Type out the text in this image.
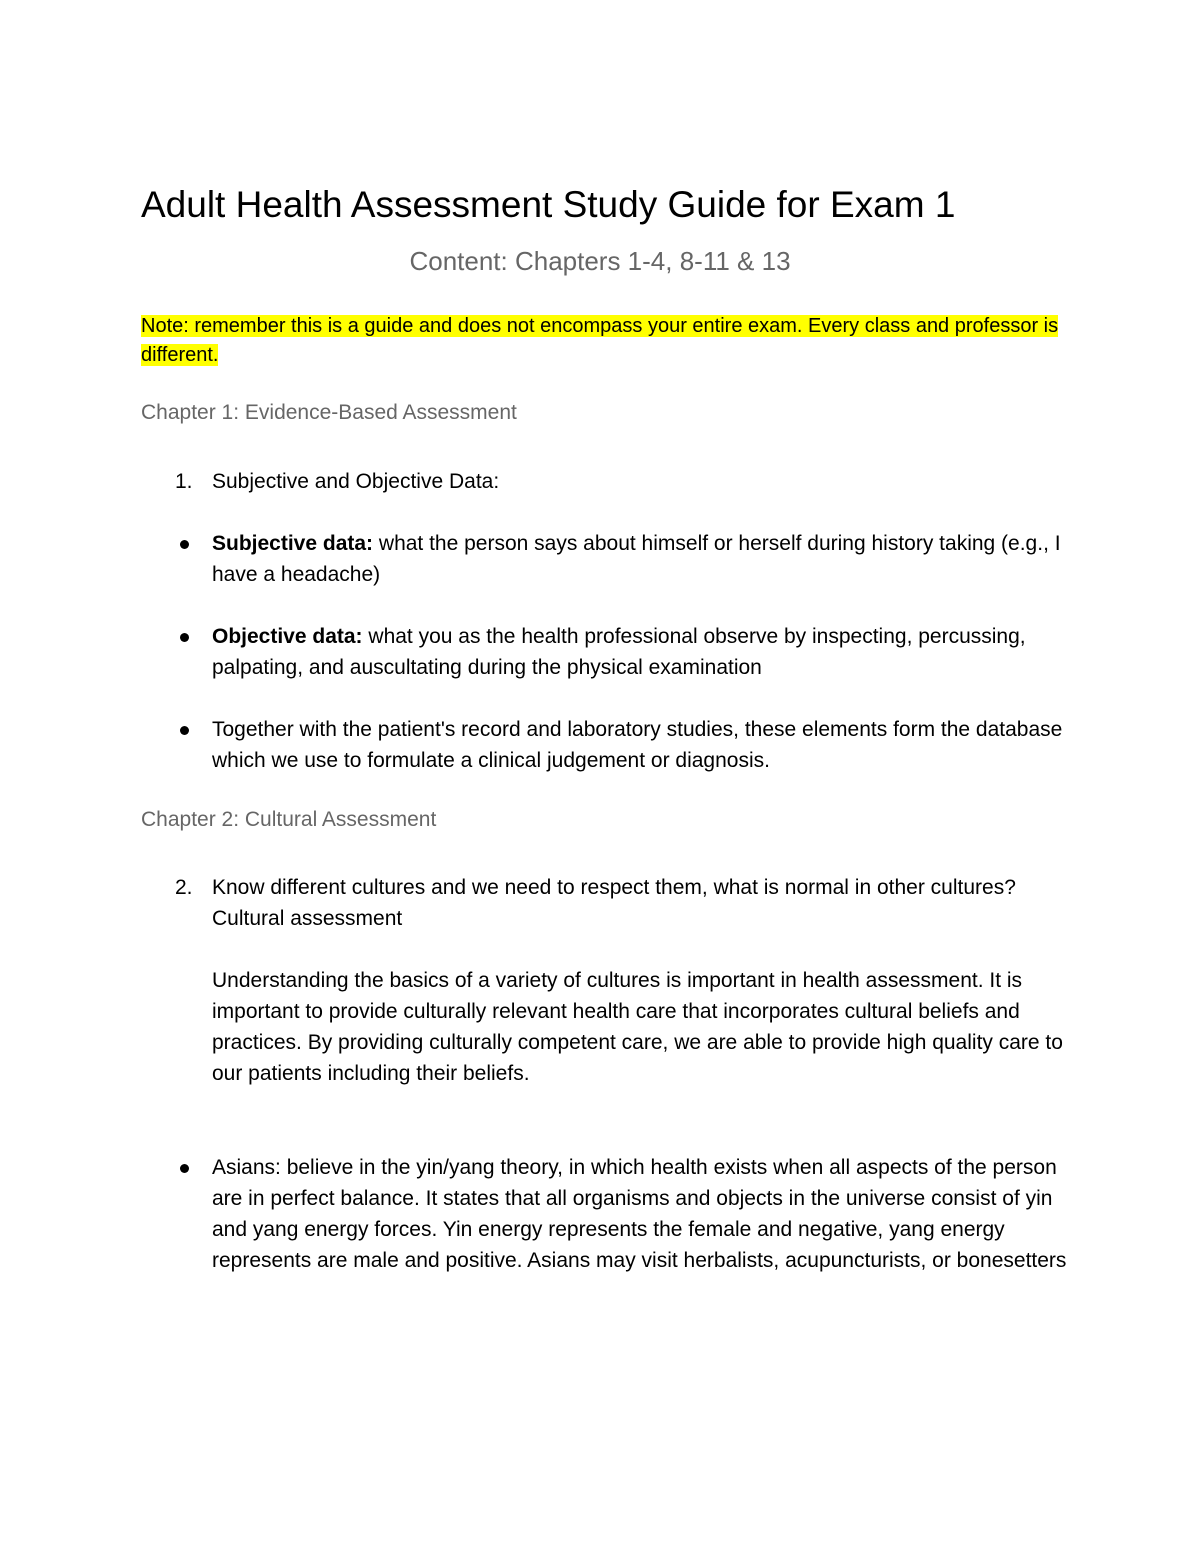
Adult Health Assessment Study Guide for Exam 1
Content: Chapters 1-4, 8-11 & 13

Note: remember this is a guide and does not encompass your entire exam. Every class and professor is different.

Chapter 1: Evidence-Based Assessment
1. Subjective and Objective Data:
Subjective data: what the person says about himself or herself during history taking (e.g., I have a headache)
Objective data: what you as the health professional observe by inspecting, percussing, palpating, and auscultating during the physical examination
Together with the patient's record and laboratory studies, these elements form the database which we use to formulate a clinical judgement or diagnosis.
Chapter 2: Cultural Assessment
2. Know different cultures and we need to respect them, what is normal in other cultures? Cultural assessment
Understanding the basics of a variety of cultures is important in health assessment. It is important to provide culturally relevant health care that incorporates cultural beliefs and practices. By providing culturally competent care, we are able to provide high quality care to our patients including their beliefs.
Asians: believe in the yin/yang theory, in which health exists when all aspects of the person are in perfect balance. It states that all organisms and objects in the universe consist of yin and yang energy forces. Yin energy represents the female and negative, yang energy represents are male and positive. Asians may visit herbalists, acupuncturists, or bonesetters
